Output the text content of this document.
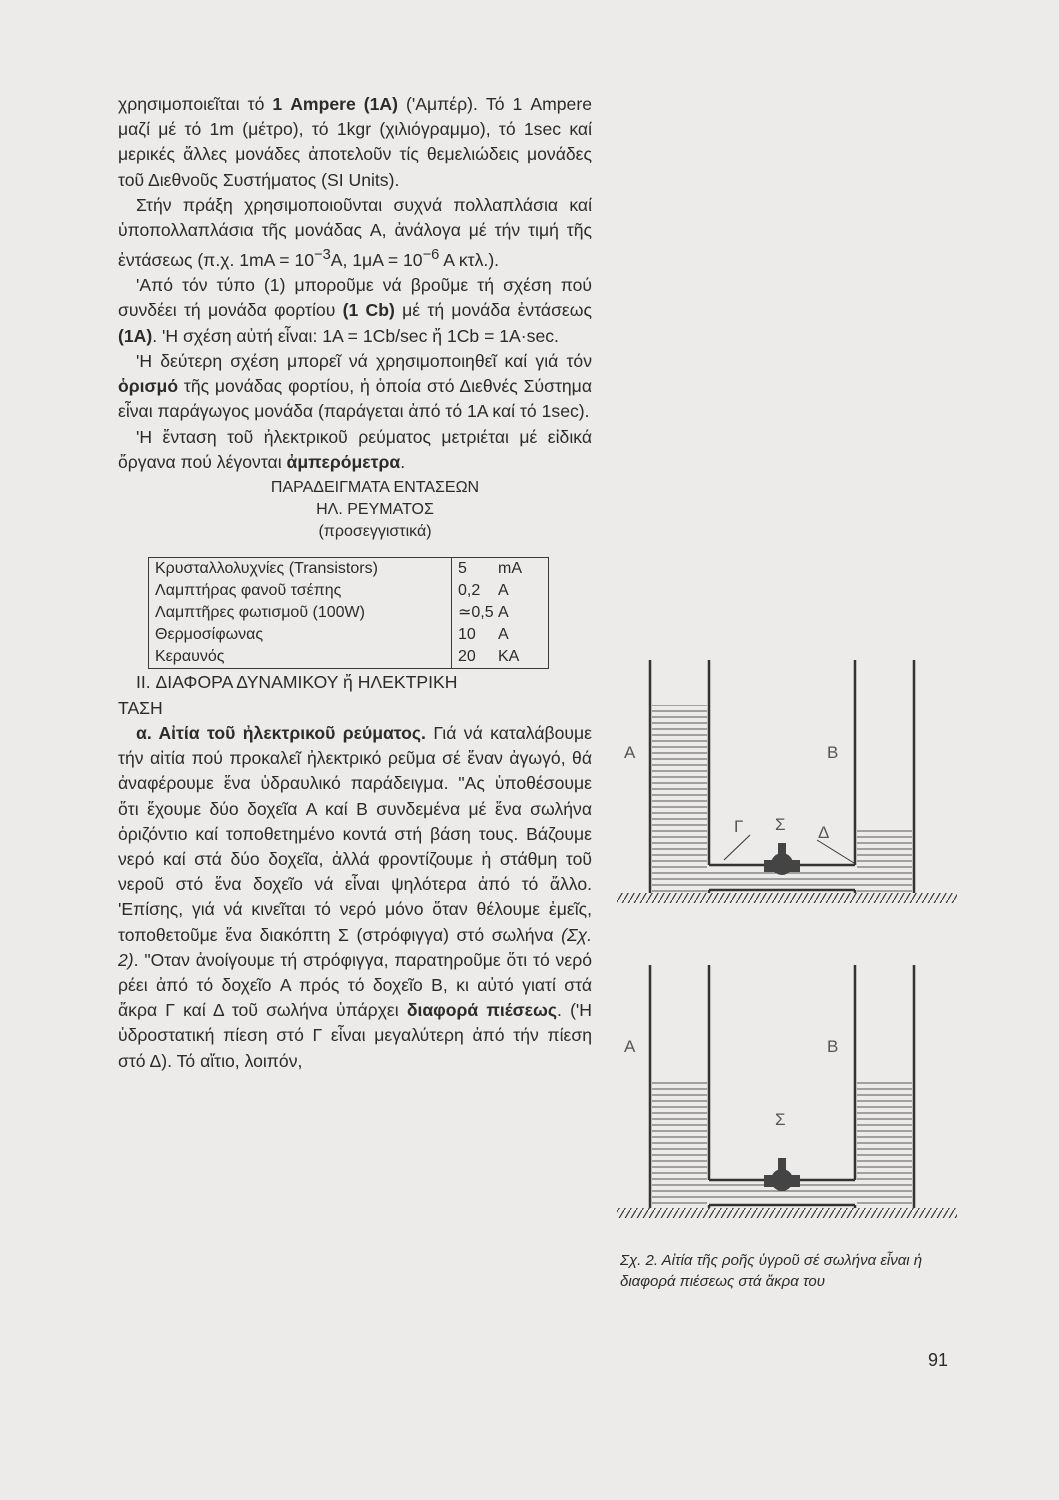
χρησιμοποιεῖται τό 1 Ampere (1A) ('Αμπέρ). Τό 1 Ampere μαζί μέ τό 1m (μέτρο), τό 1kgr (χιλιόγραμμο), τό 1sec καί μερικές ἄλλες μονάδες ἀποτελοῦν τίς θεμελιώδεις μονάδες τοῦ Διεθνοῦς Συστήματος (SI Units).

Στήν πράξη χρησιμοποιοῦνται συχνά πολλαπλάσια καί ὑποπολλαπλάσια τῆς μονάδας A, ἀνάλογα μέ τήν τιμή τῆς ἐντάσεως (π.χ. $1mA = 10^{-3}A$, $1\mu A = 10^{-6}$ A κτλ.).

'Από τόν τύπο (1) μποροῦμε νά βροῦμε τή σχέση πού συνδέει τή μονάδα φορτίου (1 Cb) μέ τή μονάδα ἐντάσεως (1A). 'Η σχέση αὐτή εἶναι: 1A = 1Cb/sec ἤ 1Cb = 1A·sec.

'Η δεύτερη σχέση μπορεῖ νά χρησιμοποιηθεῖ καί γιά τόν ὁρισμό τῆς μονάδας φορτίου, ἡ ὁποία στό Διεθνές Σύστημα εἶναι παράγωγος μονάδα (παράγεται ἀπό τό 1A καί τό 1sec).

'Η ἔνταση τοῦ ἠλεκτρικοῦ ρεύματος μετριέται μέ εἰδικά ὄργανα πού λέγονται ἀμπερόμετρα.

ΠΑΡΑΔΕΙΓΜΑΤΑ ΕΝΤΑΣΕΩΝ
ΗΛ. ΡΕΥΜΑΤΟΣ
(προσεγγιστικά)
Κρυσταλλολυχνίες (Transistors)	5 mA
Λαμπτήρας φανοῦ τσέπης	0,2 A
Λαμπτῆρες φωτισμοῦ (100W)	≃0,5 A
Θερμοσίφωνας	10 A
Κεραυνός	20 KA

II. ΔΙΑΦΟΡΑ ΔΥΝΑΜΙΚΟΥ ἤ ΗΛΕΚΤΡΙΚΗ
ΤΑΣΗ

α. Αἰτία τοῦ ἠλεκτρικοῦ ρεύματος. Γιά νά καταλάβουμε τήν αἰτία πού προκαλεῖ ἠλεκτρικό ρεῦμα σέ ἕναν ἀγωγό, θά ἀναφέρουμε ἕνα ὑδραυλικό παράδειγμα. "Ας ὑποθέσουμε ὅτι ἔχουμε δύο δοχεῖα A καί B συνδεμένα μέ ἕνα σωλήνα ὁριζόντιο καί τοποθετημένο κοντά στή βάση τους. Βάζουμε νερό καί στά δύο δοχεῖα, ἀλλά φροντίζουμε ἡ στάθμη τοῦ νεροῦ στό ἕνα δοχεῖο νά εἶναι ψηλότερα ἀπό τό ἄλλο. 'Επίσης, γιά νά κινεῖται τό νερό μόνο ὅταν θέλουμε ἐμεῖς, τοποθετοῦμε ἕνα διακόπτη Σ (στρόφιγγα) στό σωλήνα (Σχ. 2). "Οταν ἀνοίγουμε τή στρόφιγγα, παρατηροῦμε ὅτι τό νερό ρέει ἀπό τό δοχεῖο A πρός τό δοχεῖο B, κι αὐτό γιατί στά ἄκρα Γ καί Δ τοῦ σωλήνα ὑπάρχει διαφορά πιέσεως. ('Η ὑδροστατική πίεση στό Γ εἶναι μεγαλύτερη ἀπό τήν πίεση στό Δ). Τό αἴτιο, λοιπόν,

A	B
Γ Σ Δ
A	B
Σ
Σχ. 2. Αἰτία τῆς ροῆς ὑγροῦ σέ σωλήνα εἶναι ἡ διαφορά πιέσεως στά ἄκρα του
91
